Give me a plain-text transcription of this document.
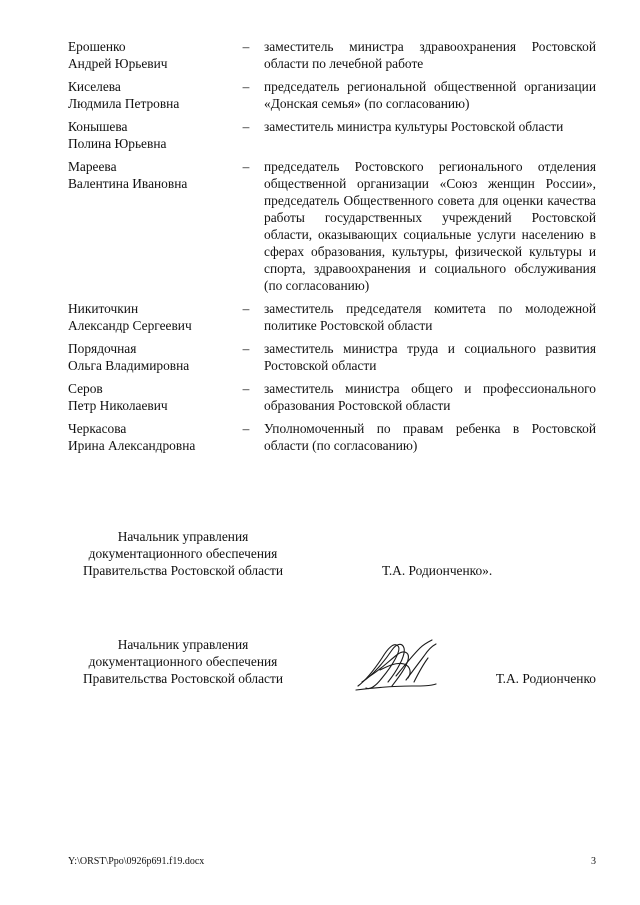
Ерошенко
Андрей Юрьевич
–	заместитель министра здравоохранения Ростовской области по лечебной работе
Киселева
Людмила Петровна
–	председатель региональной общественной организации «Донская семья» (по согласованию)
Конышева
Полина Юрьевна
–	заместитель министра культуры Ростовской области
Мареева
Валентина Ивановна
–	председатель Ростовского регионального отделения общественной организации «Союз женщин России», председатель Общественного совета для оценки качества работы государственных учреждений Ростовской области, оказывающих социальные услуги населению в сферах образования, культуры, физической культуры и спорта, здравоохранения и социального обслуживания (по согласованию)
Никиточкин
Александр Сергеевич
–	заместитель председателя комитета по молодежной политике Ростовской области
Порядочная
Ольга Владимировна
–	заместитель министра труда и социального развития Ростовской области
Серов
Петр Николаевич
–	заместитель министра общего и профессионального образования Ростовской области
Черкасова
Ирина Александровна
–	Уполномоченный по правам ребенка в Ростовской области (по согласованию)
Начальник управления
документационного обеспечения
Правительства Ростовской области	Т.А. Родионченко».
Начальник управления
документационного обеспечения
Правительства Ростовской области	Т.А. Родионченко
Y:\ORST\Ppo\0926p691.f19.docx	3
